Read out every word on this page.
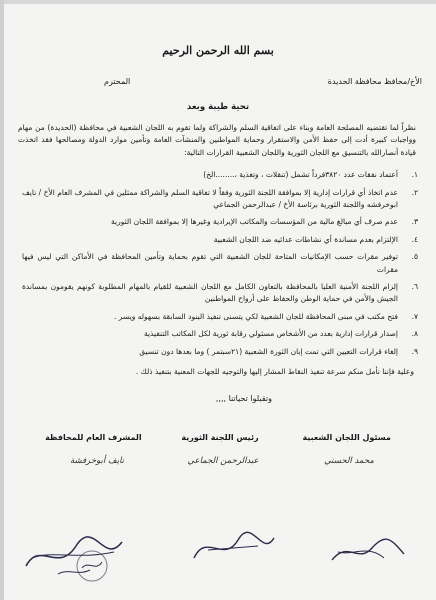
بسم الله الرحمن الرحيم
الأخ/محافظ محافظة الحديدة
المحترم
تحية طيبة وبعد
نظراً لما تقتضيه المصلحة العامة وبناء على اتفاقية السلم والشراكة ولما تقوم به اللجان الشعبية في محافظة (الحديدة) من مهام وواجبات كبيرة أدت إلى حفظ الأمن والاستقرار وحماية المواطنين والمنشآت العامة وتأمين موارد الدولة ومصالحها فقد اتخذت قيادة أنصارالله بالتنسيق مع اللجان الثورية واللجان الشعبية القرارات التالية:
١.
أعتماد نفقات عدد ٣٨٢٠فرداً تشمل (تنقلات ، وتغذية ،........الخ)
٢.
عدم اتخاذ أي قرارات إدارية إلا بموافقة اللجنة الثورية وفقاً لا تفاقية السلم والشراكة ممثلين في المشرف العام الأخ / نايف ابوخرفشه واللجنة الثورية برئاسة الأخ / عبدالرحمن الجماعي
٣.
عدم صرف أي مبالغ مالية من المؤسسات والمكاتب الإيرادية وغيرها إلا بموافقة اللجان الثورية
٤.
الإلتزام بعدم مساندة أي نشاطات عدائيه ضد اللجان الشعبية
٥.
توفير مقرات حسب الإمكانيات المتاحة للجان الشعبية التي تقوم بحماية وتأمين المحافظة في الأماكن التي ليس فيها مقرات
٦.
إلزام اللجنة الأمنية العليا بالمحافظة بالتعاون الكامل مع اللجان الشعبية للقيام بالمهام المطلوبة كونهم يقومون بمساندة الجيش والأمن في حماية الوطن والحفاظ على أرواح المواطنين
٧.
فتح مكتب في مبنى المحافظة للجان الشعبية لكي يتسنى تنفيذ البنود السابقة بسهوله ويسر .
٨.
إصدار قرارات إدارية بعدد من الأشخاص مسئولي رقابة ثورية لكل المكاتب التنفيذية
٩.
إلغاء قرارات التعيين التي تمت إبان الثورة الشعبية (٢١سبتمر ) وما بعدها دون تنسيق
وعلية فإننا نأمل منكم سرعة تنفيذ النقاط المشار إليها والتوجيه للجهات المعنية بتنفيذ ذلك .
وتقبلوا تحياتنا ,,,,
مسئول اللجان الشعبية
رئيس اللجنة الثورية
المشرف العام للمحافظة
محمد الحسني
عبدالرحمن الجماعي
نايف أبوخرفشة
